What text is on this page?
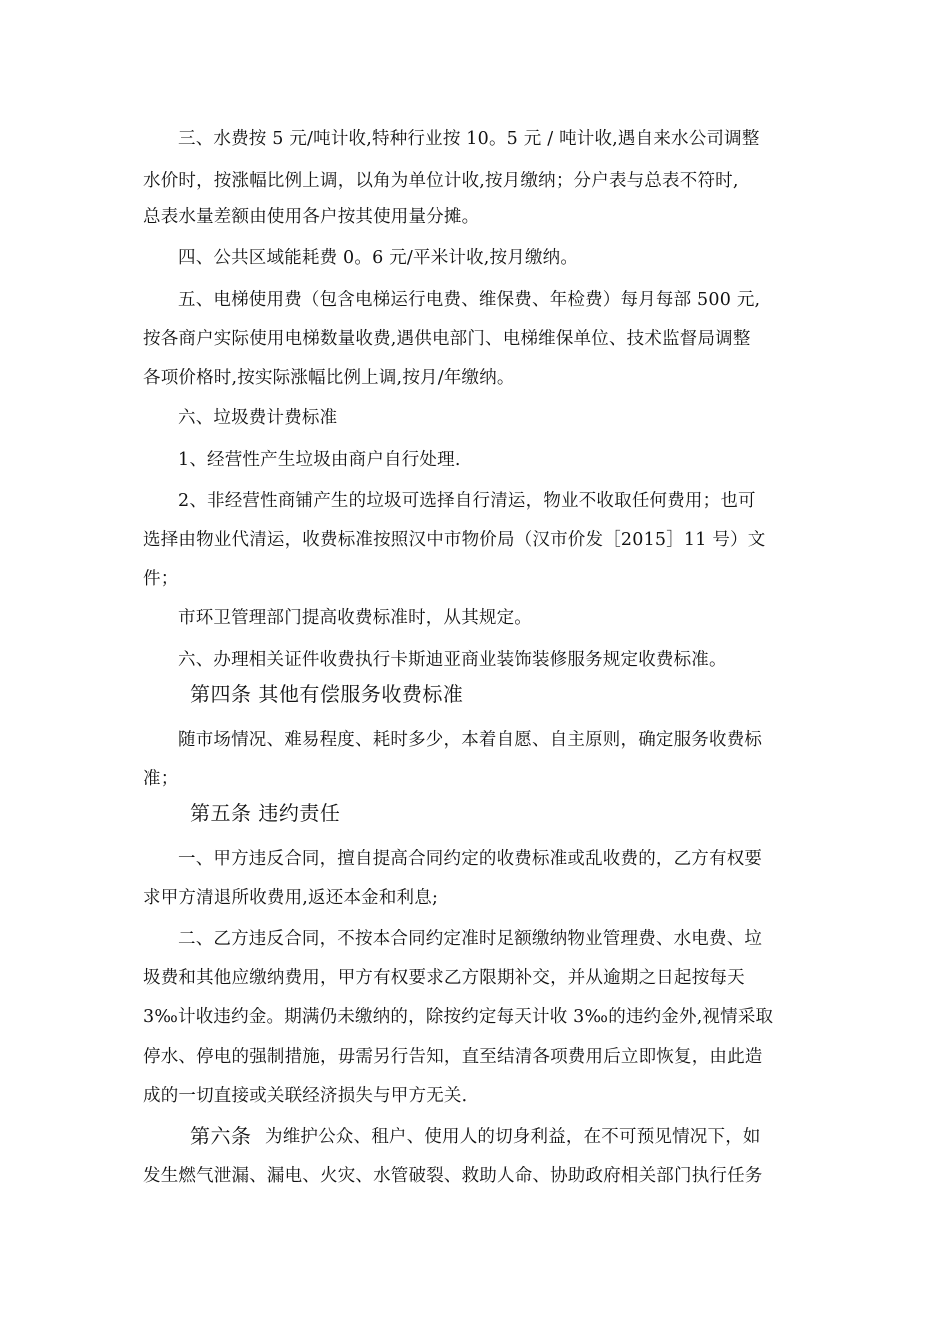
三、水费按 5 元/吨计收,特种行业按 10。5 元 / 吨计收,遇自来水公司调整
水价时，按涨幅比例上调，以角为单位计收,按月缴纳；分户表与总表不符时,
总表水量差额由使用各户按其使用量分摊。
四、公共区域能耗费 0。6 元/平米计收,按月缴纳。
五、电梯使用费（包含电梯运行电费、维保费、年检费）每月每部 500 元,
按各商户实际使用电梯数量收费,遇供电部门、电梯维保单位、技术监督局调整
各项价格时,按实际涨幅比例上调,按月/年缴纳。
六、垃圾费计费标准
1、经营性产生垃圾由商户自行处理.
2、非经营性商铺产生的垃圾可选择自行清运，物业不收取任何费用；也可
选择由物业代清运，收费标准按照汉中市物价局（汉市价发［2015］11 号）文
件；
市环卫管理部门提高收费标准时，从其规定。
六、办理相关证件收费执行卡斯迪亚商业装饰装修服务规定收费标准。
第四条 其他有偿服务收费标准
随市场情况、难易程度、耗时多少，本着自愿、自主原则，确定服务收费标
准；
第五条 违约责任
一、甲方违反合同，擅自提高合同约定的收费标准或乱收费的，乙方有权要
求甲方清退所收费用,返还本金和利息;
二、乙方违反合同，不按本合同约定准时足额缴纳物业管理费、水电费、垃
圾费和其他应缴纳费用，甲方有权要求乙方限期补交，并从逾期之日起按每天
3‰计收违约金。期满仍未缴纳的，除按约定每天计收 3‰的违约金外,视情采取
停水、停电的强制措施，毋需另行告知，直至结清各项费用后立即恢复，由此造
成的一切直接或关联经济损失与甲方无关．
第六条 为维护公众、租户、使用人的切身利益，在不可预见情况下，如
发生燃气泄漏、漏电、火灾、水管破裂、救助人命、协助政府相关部门执行任务
